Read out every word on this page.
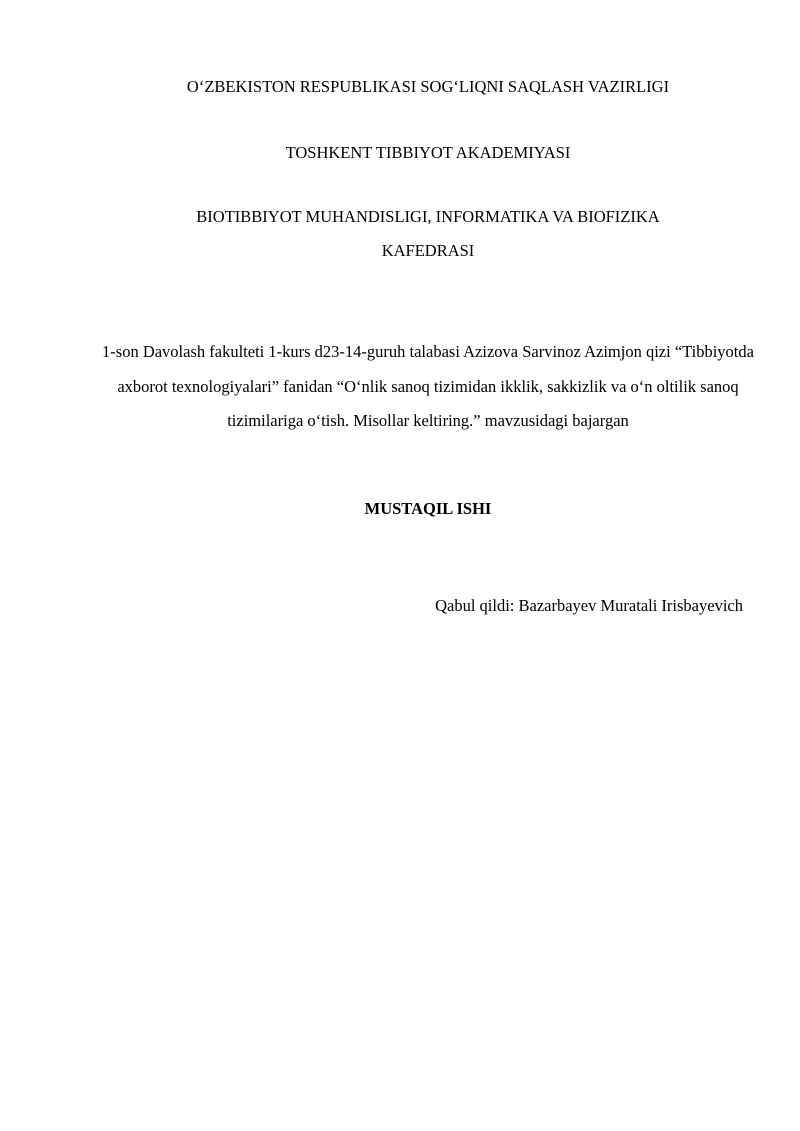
O‘ZBEKISTON RESPUBLIKASI SOG‘LIQNI SAQLASH VAZIRLIGI
TOSHKENT TIBBIYOT AKADEMIYASI
BIOTIBBIYOT MUHANDISLIGI, INFORMATIKA VA BIOFIZIKA
KAFEDRASI
1-son Davolash fakulteti 1-kurs d23-14-guruh talabasi Azizova Sarvinoz Azimjon qizi “Tibbiyotda axborot texnologiyalari” fanidan “O‘nlik sanoq tizimidan ikklik, sakkizlik va o‘n oltilik sanoq tizimilariga o‘tish. Misollar keltiring.” mavzusidagi bajargan
MUSTAQIL ISHI
Qabul qildi: Bazarbayev Muratali Irisbayevich
